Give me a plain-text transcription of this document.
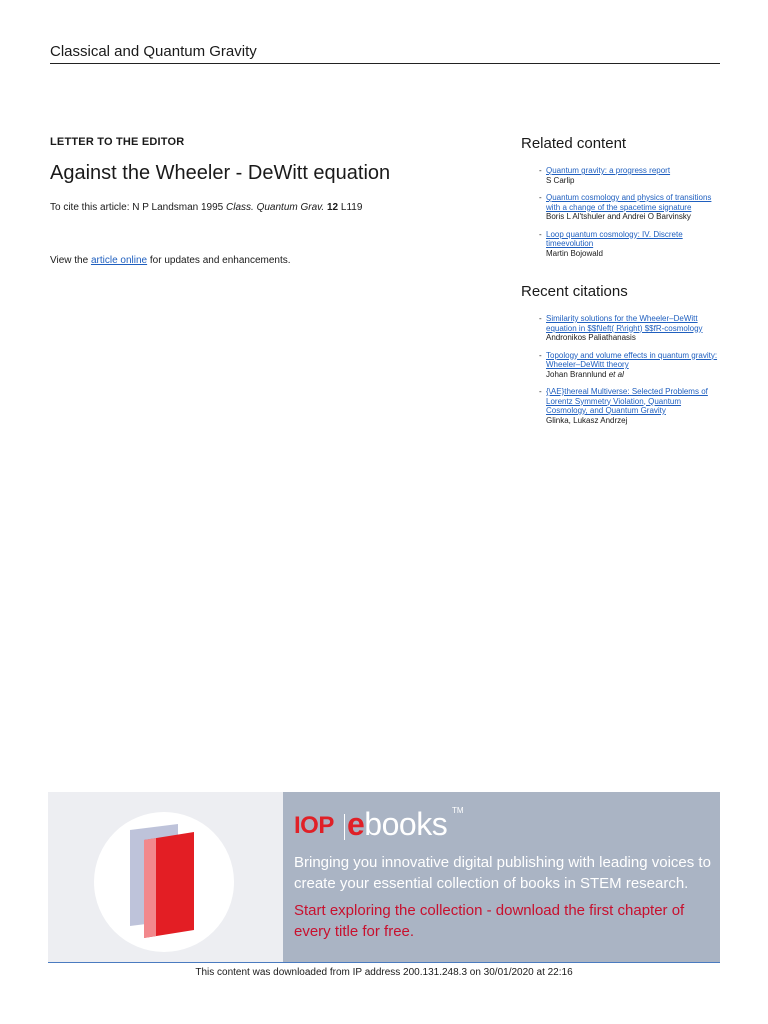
Classical and Quantum Gravity
LETTER TO THE EDITOR
Against the Wheeler - DeWitt equation
To cite this article: N P Landsman 1995 Class. Quantum Grav. 12 L119
View the article online for updates and enhancements.
Related content
- Quantum gravity: a progress report
S Carlip
- Quantum cosmology and physics of transitions with a change of the spacetime signature
Boris L Al'tshuler and Andrei O Barvinsky
- Loop quantum cosmology: IV. Discrete timeevolution
Martin Bojowald
Recent citations
- Similarity solutions for the Wheeler–DeWitt equation in $$f\left( R\right) $$fR-cosmology
Andronikos Paliathanasis
- Topology and volume effects in quantum gravity: Wheeler–DeWitt theory
Johan Brannlund et al
- {\AE}thereal Multiverse: Selected Problems of Lorentz Symmetry Violation, Quantum Cosmology, and Quantum Gravity
Glinka, Lukasz Andrzej
IOP ebooks TM
Bringing you innovative digital publishing with leading voices to create your essential collection of books in STEM research.
Start exploring the collection - download the first chapter of every title for free.
This content was downloaded from IP address 200.131.248.3 on 30/01/2020 at 22:16
